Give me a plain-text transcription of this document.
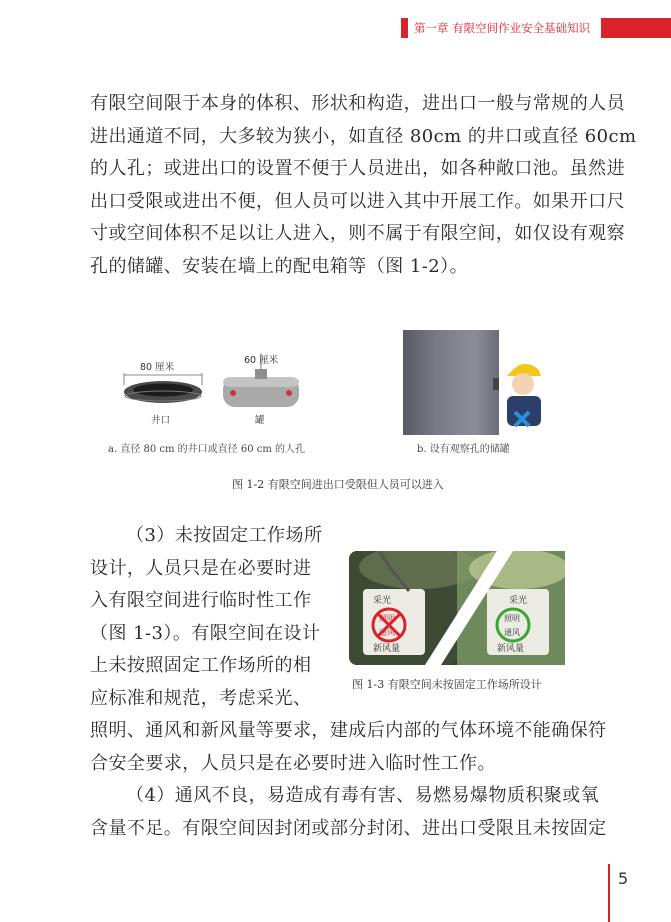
第一章 有限空间作业安全基础知识
有限空间限于本身的体积、形状和构造，进出口一般与常规的人员
进出通道不同，大多较为狭小，如直径 80cm 的井口或直径 60cm
的人孔；或进出口的设置不便于人员进出，如各种敞口池。虽然进
出口受限或进出不便，但人员可以进入其中开展工作。如果开口尺
寸或空间体积不足以让人进入，则不属于有限空间，如仅设有观察
孔的储罐、安装在墙上的配电箱等（图 1-2）。
80 厘米
60 厘米
井口	罐
a. 直径 80 cm 的井口或直径 60 cm 的人孔	b. 设有观察孔的储罐
图 1-2 有限空间进出口受限但人员可以进入
（3）未按固定工作场所
设计，人员只是在必要时进
入有限空间进行临时性工作
（图 1-3）。有限空间在设计
上未按照固定工作场所的相
应标准和规范，考虑采光、
采光
照明
通风
新风量
采光
照明
通风
新风量
图 1-3 有限空间未按固定工作场所设计
照明、通风和新风量等要求，建成后内部的气体环境不能确保符
合安全要求，人员只是在必要时进入临时性工作。
（4）通风不良，易造成有毒有害、易燃易爆物质积聚或氧
含量不足。有限空间因封闭或部分封闭、进出口受限且未按固定
5
